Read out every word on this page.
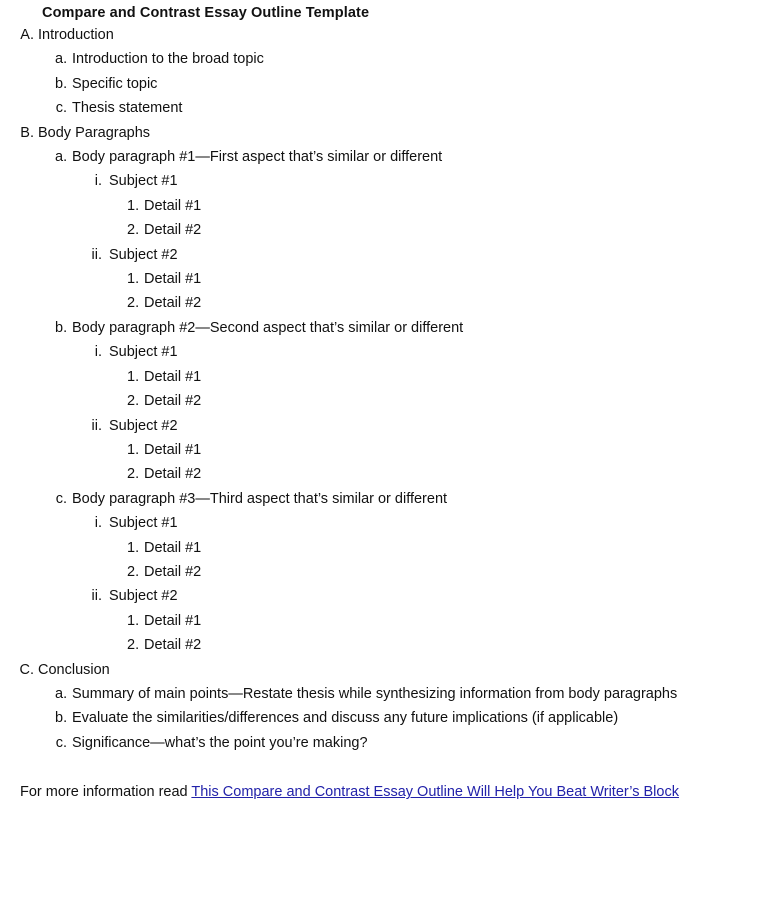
Compare and Contrast Essay Outline Template
A. Introduction
a. Introduction to the broad topic
b. Specific topic
c. Thesis statement
B. Body Paragraphs
a. Body paragraph #1—First aspect that’s similar or different
i. Subject #1
1. Detail #1
2. Detail #2
ii. Subject #2
1. Detail #1
2. Detail #2
b. Body paragraph #2—Second aspect that’s similar or different
i. Subject #1
1. Detail #1
2. Detail #2
ii. Subject #2
1. Detail #1
2. Detail #2
c. Body paragraph #3—Third aspect that’s similar or different
i. Subject #1
1. Detail #1
2. Detail #2
ii. Subject #2
1. Detail #1
2. Detail #2
C. Conclusion
a. Summary of main points—Restate thesis while synthesizing information from body paragraphs
b. Evaluate the similarities/differences and discuss any future implications (if applicable)
c. Significance—what’s the point you’re making?
For more information read This Compare and Contrast Essay Outline Will Help You Beat Writer’s Block
